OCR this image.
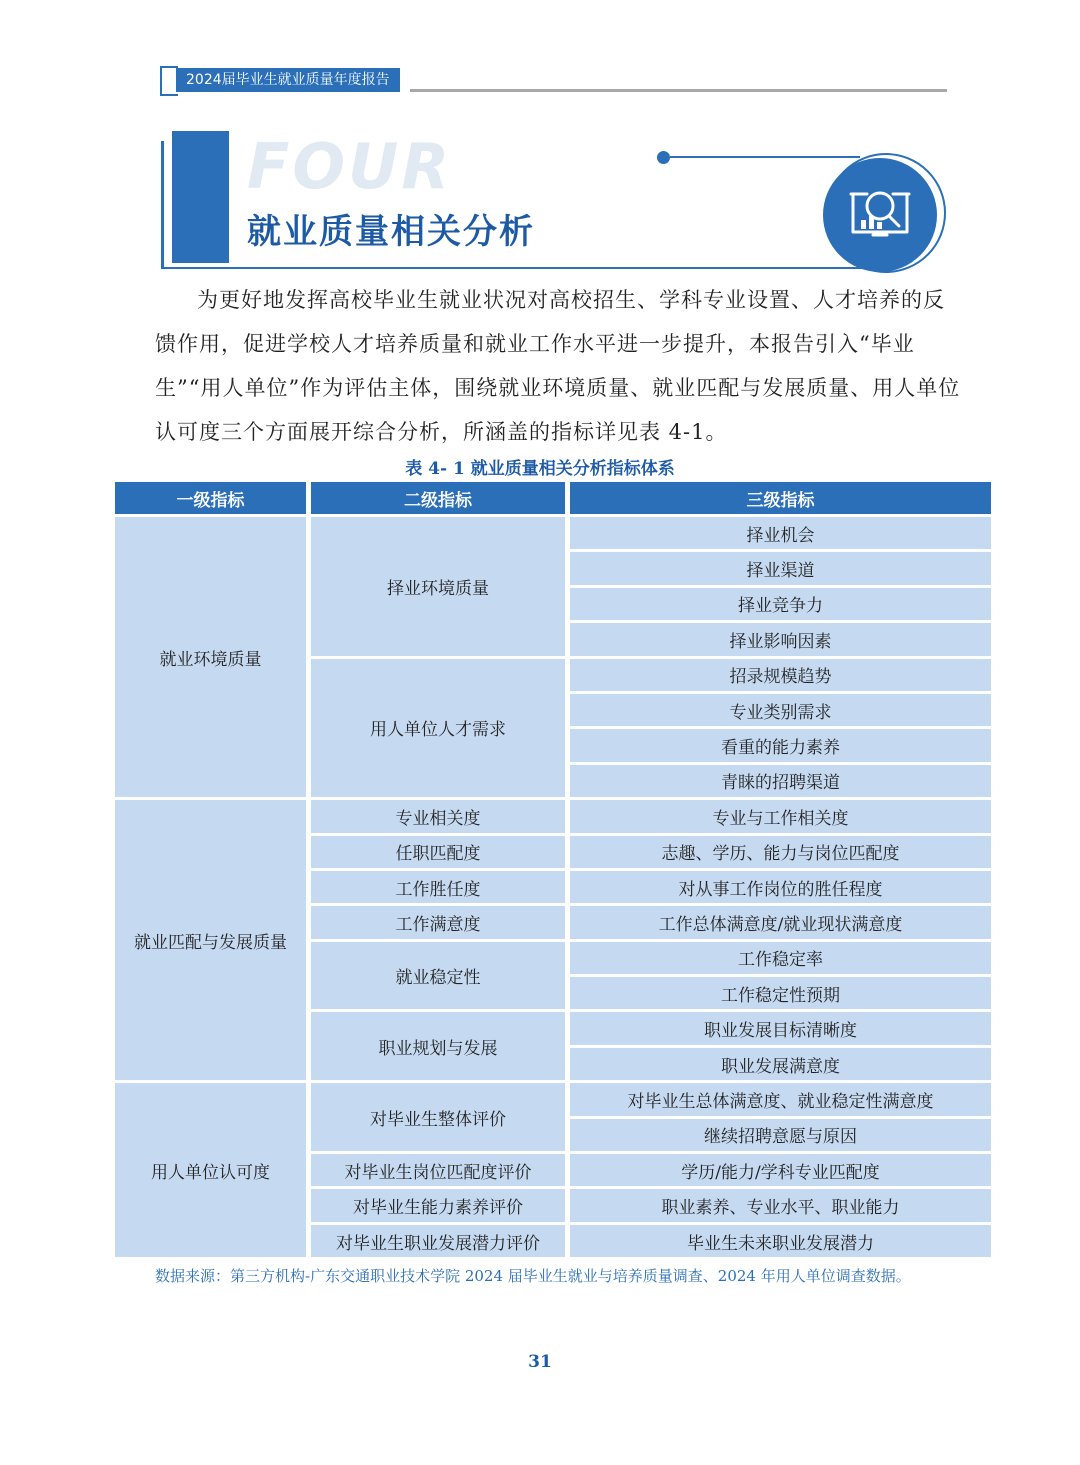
2024届毕业生就业质量年度报告
FOUR
就业质量相关分析

为更好地发挥高校毕业生就业状况对高校招生、学科专业设置、人才培养的反馈作用，促进学校人才培养质量和就业工作水平进一步提升，本报告引入“毕业生”“用人单位”作为评估主体，围绕就业环境质量、就业匹配与发展质量、用人单位认可度三个方面展开综合分析，所涵盖的指标详见表 4-1。

表 4- 1 就业质量相关分析指标体系
一级指标	二级指标	三级指标
就业环境质量	择业环境质量	择业机会
		择业渠道
		择业竞争力
		择业影响因素
	用人单位人才需求	招录规模趋势
		专业类别需求
		看重的能力素养
		青睐的招聘渠道
就业匹配与发展质量	专业相关度	专业与工作相关度
	任职匹配度	志趣、学历、能力与岗位匹配度
	工作胜任度	对从事工作岗位的胜任程度
	工作满意度	工作总体满意度/就业现状满意度
	就业稳定性	工作稳定率
		工作稳定性预期
	职业规划与发展	职业发展目标清晰度
		职业发展满意度
用人单位认可度	对毕业生整体评价	对毕业生总体满意度、就业稳定性满意度
		继续招聘意愿与原因
	对毕业生岗位匹配度评价	学历/能力/学科专业匹配度
	对毕业生能力素养评价	职业素养、专业水平、职业能力
	对毕业生职业发展潜力评价	毕业生未来职业发展潜力
数据来源：第三方机构-广东交通职业技术学院 2024 届毕业生就业与培养质量调查、2024 年用人单位调查数据。
31
